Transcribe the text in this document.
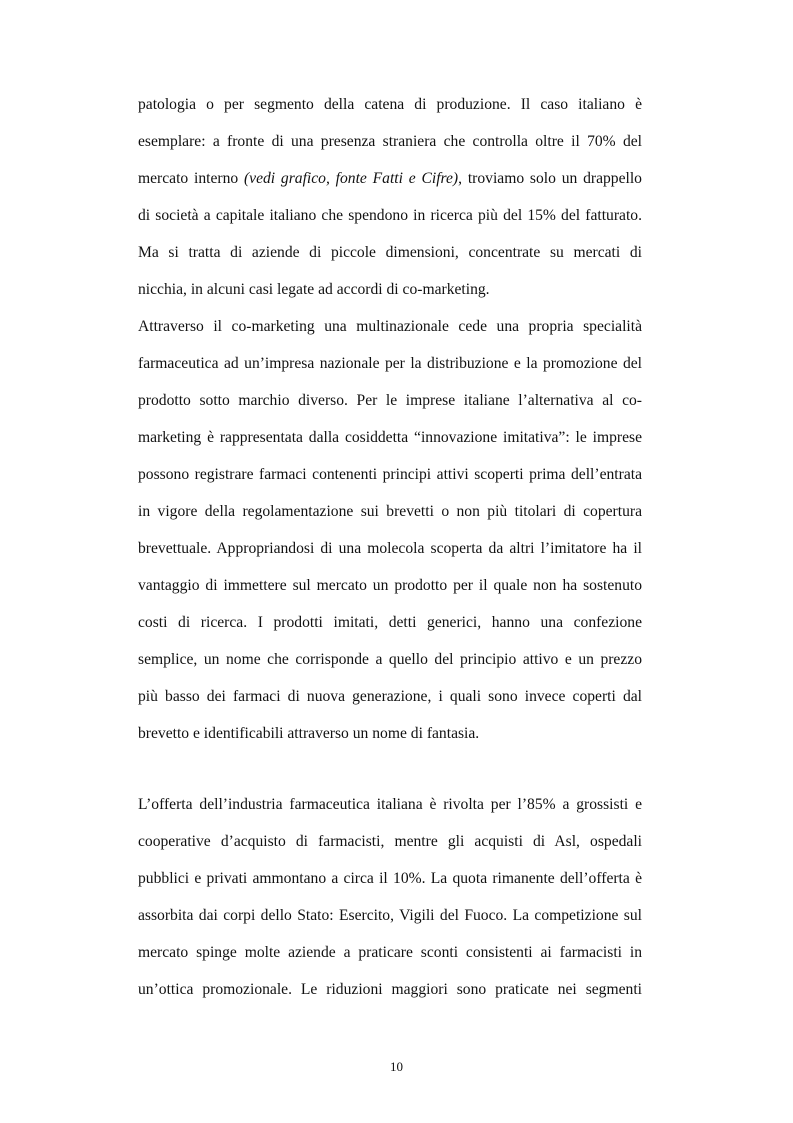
patologia o per segmento della catena di produzione. Il caso italiano è
esemplare: a fronte di una presenza straniera che controlla oltre il 70% del
mercato interno (vedi grafico, fonte Fatti e Cifre), troviamo solo un drappello
di società a capitale italiano che spendono in ricerca più del 15% del fatturato.
Ma si tratta di aziende di piccole dimensioni, concentrate su mercati di
nicchia, in alcuni casi legate ad accordi di co-marketing.
Attraverso il co-marketing una multinazionale cede una propria specialità
farmaceutica ad un’impresa nazionale per la distribuzione e la promozione del
prodotto sotto marchio diverso. Per le imprese italiane l’alternativa al co-
marketing è rappresentata dalla cosiddetta “innovazione imitativa”: le imprese
possono registrare farmaci contenenti principi attivi scoperti prima dell’entrata
in vigore della regolamentazione sui brevetti o non più titolari di copertura
brevettuale. Appropriandosi di una molecola scoperta da altri l’imitatore ha il
vantaggio di immettere sul mercato un prodotto per il quale non ha sostenuto
costi di ricerca. I prodotti imitati, detti generici, hanno una confezione
semplice, un nome che corrisponde a quello del principio attivo e un prezzo
più basso dei farmaci di nuova generazione, i quali sono invece coperti dal
brevetto e identificabili attraverso un nome di fantasia.
L’offerta dell’industria farmaceutica italiana è rivolta per l’85% a grossisti e
cooperative d’acquisto di farmacisti, mentre gli acquisti di Asl, ospedali
pubblici e privati ammontano a circa il 10%. La quota rimanente dell’offerta è
assorbita dai corpi dello Stato: Esercito, Vigili del Fuoco. La competizione sul
mercato spinge molte aziende a praticare sconti consistenti ai farmacisti in
un’ottica promozionale. Le riduzioni maggiori sono praticate nei segmenti
10
